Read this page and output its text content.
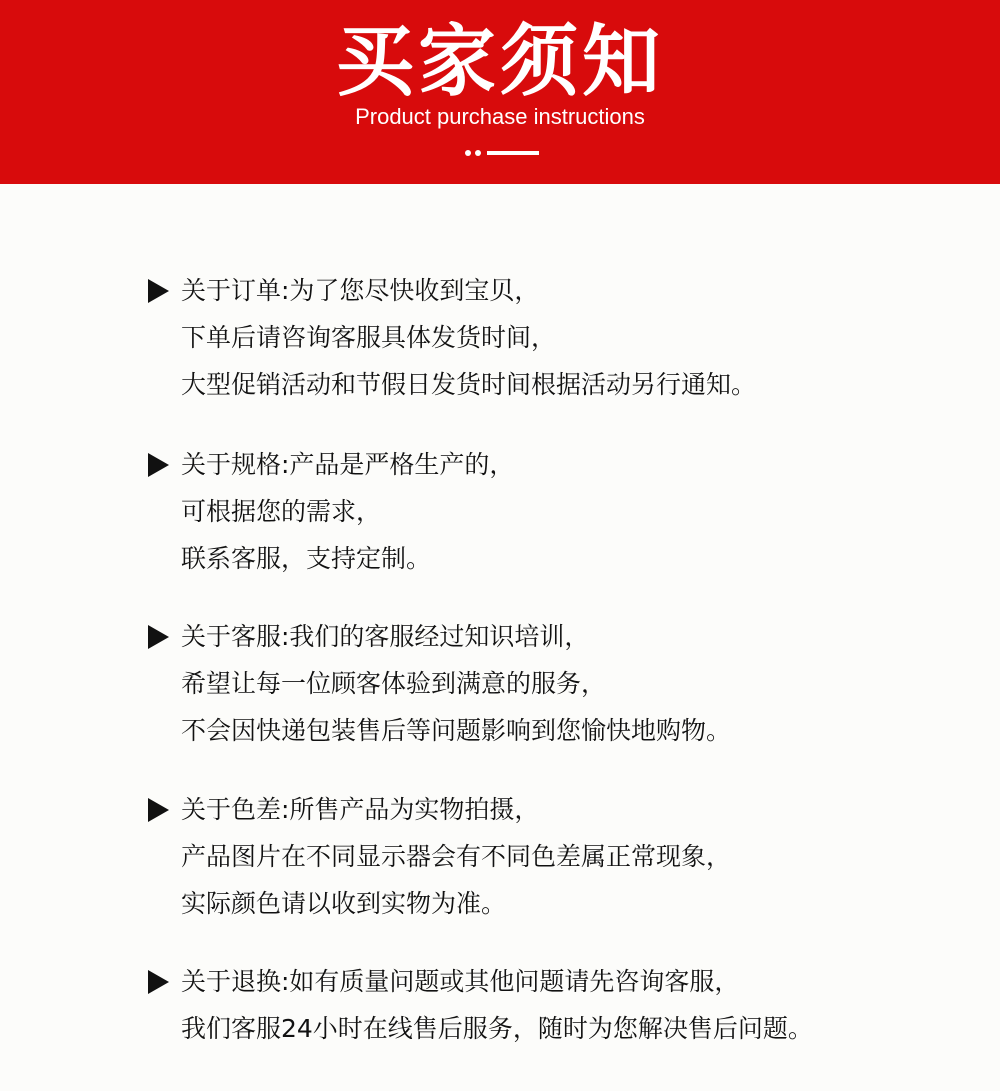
买家须知
Product purchase instructions
关于订单:为了您尽快收到宝贝，
下单后请咨询客服具体发货时间，
大型促销活动和节假日发货时间根据活动另行通知。
关于规格:产品是严格生产的，
可根据您的需求，
联系客服，支持定制。
关于客服:我们的客服经过知识培训，
希望让每一位顾客体验到满意的服务，
不会因快递包装售后等问题影响到您愉快地购物。
关于色差:所售产品为实物拍摄，
产品图片在不同显示器会有不同色差属正常现象，
实际颜色请以收到实物为准。
关于退换:如有质量问题或其他问题请先咨询客服，
我们客服24小时在线售后服务，随时为您解决售后问题。
